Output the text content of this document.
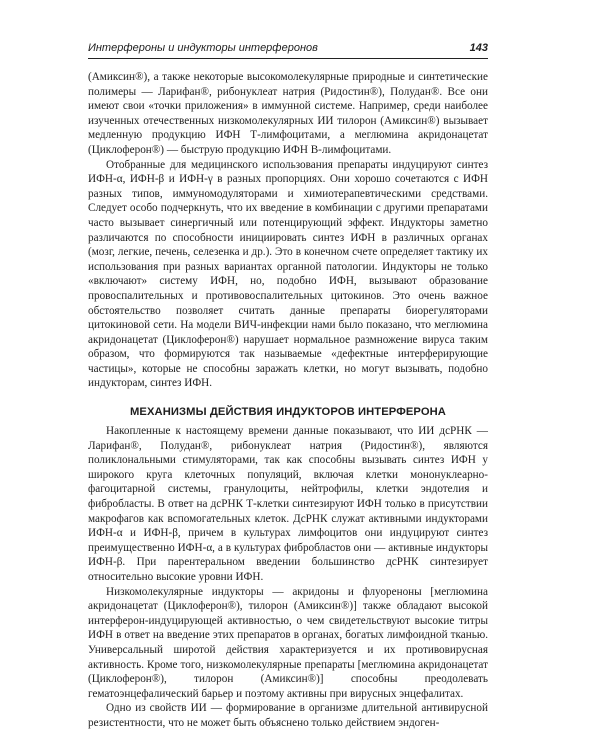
Интерфероны и индукторы интерферонов	143

(Амиксин®), а также некоторые высокомолекулярные природные и синтетические полимеры — Ларифан®, рибонуклеат натрия (Ридостин®), Полудан®. Все они имеют свои «точки приложения» в иммунной системе. Например, среди наиболее изученных отечественных низкомолекулярных ИИ тилорон (Амиксин®) вызывает медленную продукцию ИФН Т-лимфоцитами, а меглюмина акридонацетат (Циклоферон®) — быструю продукцию ИФН В-лимфоцитами.

Отобранные для медицинского использования препараты индуцируют синтез ИФН-α, ИФН-β и ИФН-γ в разных пропорциях. Они хорошо сочетаются с ИФН разных типов, иммуномодуляторами и химиотерапевтическими средствами. Следует особо подчеркнуть, что их введение в комбинации с другими препаратами часто вызывает синергичный или потенцирующий эффект. Индукторы заметно различаются по способности инициировать синтез ИФН в различных органах (мозг, легкие, печень, селезенка и др.). Это в конечном счете определяет тактику их использования при разных вариантах органной патологии. Индукторы не только «включают» систему ИФН, но, подобно ИФН, вызывают образование провоспалительных и противовоспалительных цитокинов. Это очень важное обстоятельство позволяет считать данные препараты биорегуляторами цитокиновой сети. На модели ВИЧ-инфекции нами было показано, что меглюмина акридонацетат (Циклоферон®) нарушает нормальное размножение вируса таким образом, что формируются так называемые «дефектные интерферирующие частицы», которые не способны заражать клетки, но могут вызывать, подобно индукторам, синтез ИФН.

МЕХАНИЗМЫ ДЕЙСТВИЯ ИНДУКТОРОВ ИНТЕРФЕРОНА

Накопленные к настоящему времени данные показывают, что ИИ дсРНК — Ларифан®, Полудан®, рибонуклеат натрия (Ридостин®), являются поликлональными стимуляторами, так как способны вызывать синтез ИФН у широкого круга клеточных популяций, включая клетки мононуклеарно-фагоцитарной системы, гранулоциты, нейтрофилы, клетки эндотелия и фибробласты. В ответ на дсРНК Т-клетки синтезируют ИФН только в присутствии макрофагов как вспомогательных клеток. ДсРНК служат активными индукторами ИФН-α и ИФН-β, причем в культурах лимфоцитов они индуцируют синтез преимущественно ИФН-α, а в культурах фибробластов они — активные индукторы ИФН-β. При парентеральном введении большинство дсРНК синтезирует относительно высокие уровни ИФН.

Низкомолекулярные индукторы — акридоны и флуореноны [меглюмина акридонацетат (Циклоферон®), тилорон (Амиксин®)] также обладают высокой интерферон-индуцирующей активностью, о чем свидетельствуют высокие титры ИФН в ответ на введение этих препаратов в органах, богатых лимфоидной тканью. Универсальный широтой действия характеризуется и их противовирусная активность. Кроме того, низкомолекулярные препараты [меглюмина акридонацетат (Циклоферон®), тилорон (Амиксин®)] способны преодолевать гематоэнцефалический барьер и поэтому активны при вирусных энцефалитах.

Одно из свойств ИИ — формирование в организме длительной антивирусной резистентности, что не может быть объяснено только действием эндоген-
